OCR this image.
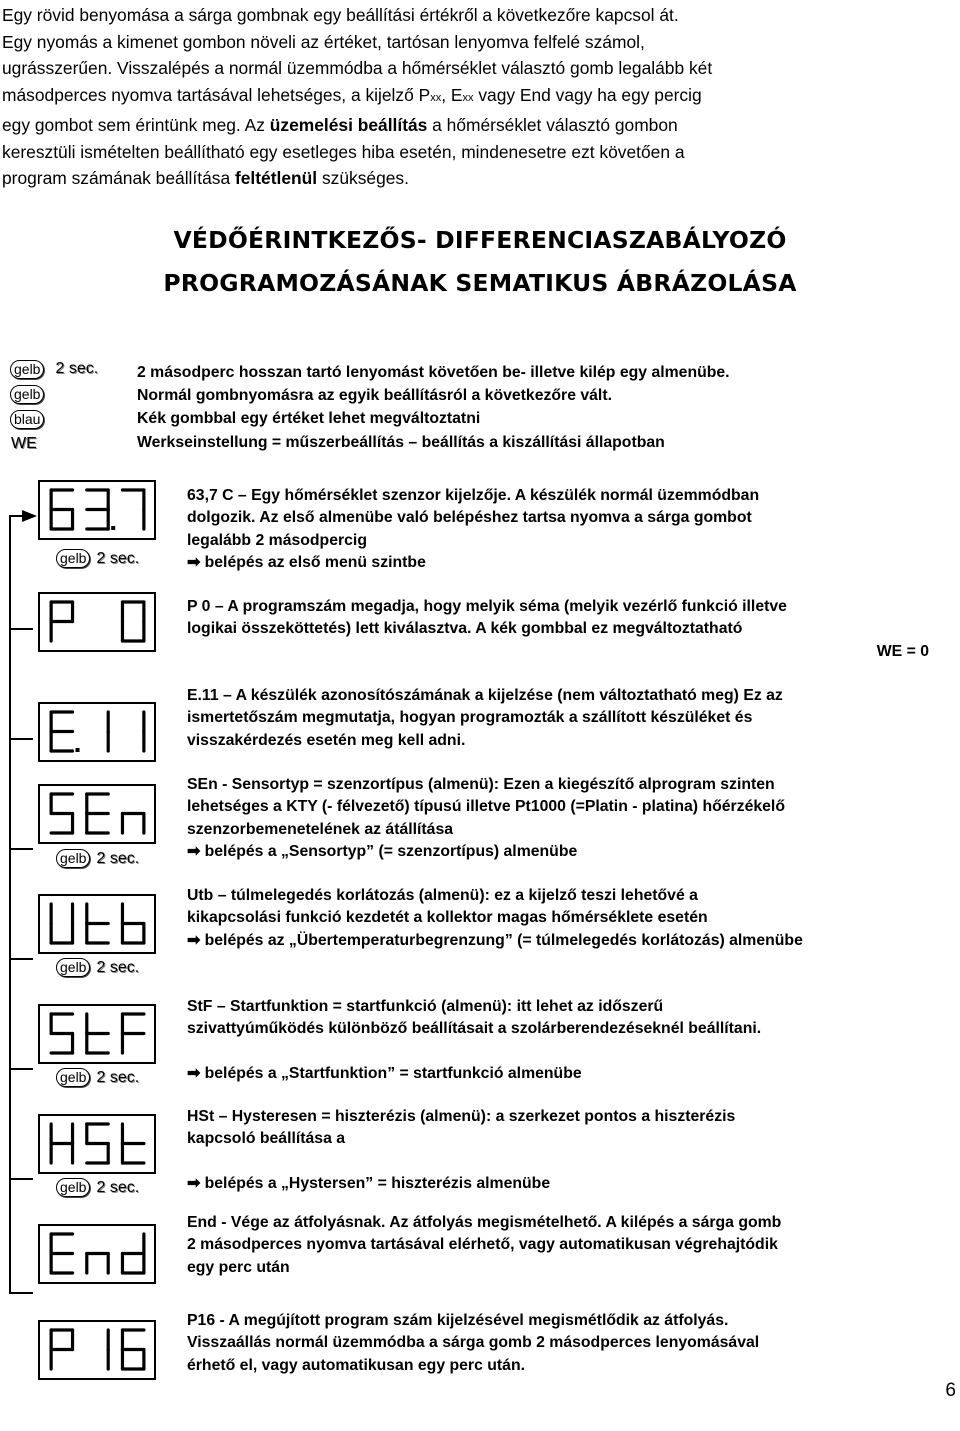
Egy rövid benyomása a sárga gombnak egy beállítási értékről a következőre kapcsol át.
Egy nyomás a kimenet gombon növeli az értéket, tartósan lenyomva felfelé számol,
ugrásszerűen. Visszalépés a normál üzemmódba a hőmérséklet választó gomb legalább két
másodperces nyomva tartásával lehetséges, a kijelző Pxx, Exx vagy End vagy ha egy percig
egy gombot sem érintünk meg. Az üzemelési beállítás a hőmérséklet választó gombon
keresztüli ismételten beállítható egy esetleges hiba esetén, mindenesetre ezt követően a
program számának beállítása feltétlenül szükséges.
VÉDŐÉRINTKEZŐS- DIFFERENCIASZABÁLYOZÓ
PROGRAMOZÁSÁNAK SEMATIKUS ÁBRÁZOLÁSA
gelb 2 sec.
gelb
blau
WE
2 másodperc hosszan tartó lenyomást követően be- illetve kilép egy almenübe.
Normál gombnyomásra az egyik beállításról a következőre vált.
Kék gombbal egy értéket lehet megváltoztatni
Werkseinstellung = műszerbeállítás – beállítás a kiszállítási állapotban
gelb 2 sec.
gelb 2 sec.
gelb 2 sec.
gelb 2 sec.
gelb 2 sec.
63,7 C – Egy hőmérséklet szenzor kijelzője. A készülék normál üzemmódban
dolgozik. Az első almenübe való belépéshez tartsa nyomva a sárga gombot
legalább 2 másodpercig
➡ belépés az első menü szintbe
P 0 – A programszám megadja, hogy melyik séma (melyik vezérlő funkció illetve
logikai összeköttetés) lett kiválasztva. A kék gombbal ez megváltoztatható
WE = 0
E.11 – A készülék azonosítószámának a kijelzése (nem változtatható meg) Ez az
ismertetőszám megmutatja, hogyan programozták a szállított készüléket és
visszakérdezés esetén meg kell adni.
SEn - Sensortyp = szenzortípus (almenü): Ezen a kiegészítő alprogram szinten
lehetséges a KTY (- félvezető) típusú illetve Pt1000 (=Platin - platina) hőérzékelő
szenzorbemenetelének az átállítása
➡ belépés a „Sensortyp” (= szenzortípus) almenübe
Utb – túlmelegedés korlátozás (almenü): ez a kijelző teszi lehetővé a
kikapcsolási funkció kezdetét a kollektor magas hőmérséklete esetén
➡ belépés az „Übertemperaturbegrenzung” (= túlmelegedés korlátozás) almenübe
StF – Startfunktion = startfunkció (almenü): itt lehet az időszerű
szivattyúműködés különböző beállításait a szolárberendezéseknél beállítani.
➡ belépés a „Startfunktion” = startfunkció almenübe
HSt – Hysteresen = hiszterézis (almenü): a szerkezet pontos a hiszterézis
kapcsoló beállítása a
➡ belépés a „Hystersen” = hiszterézis almenübe
End - Vége az átfolyásnak. Az átfolyás megismételhető. A kilépés a sárga gomb
2 másodperces nyomva tartásával elérhető, vagy automatikusan végrehajtódik
egy perc után
P16 - A megújított program szám kijelzésével megismétlődik az átfolyás.
Visszaállás normál üzemmódba a sárga gomb 2 másodperces lenyomásával
érhető el, vagy automatikusan egy perc után.
6
